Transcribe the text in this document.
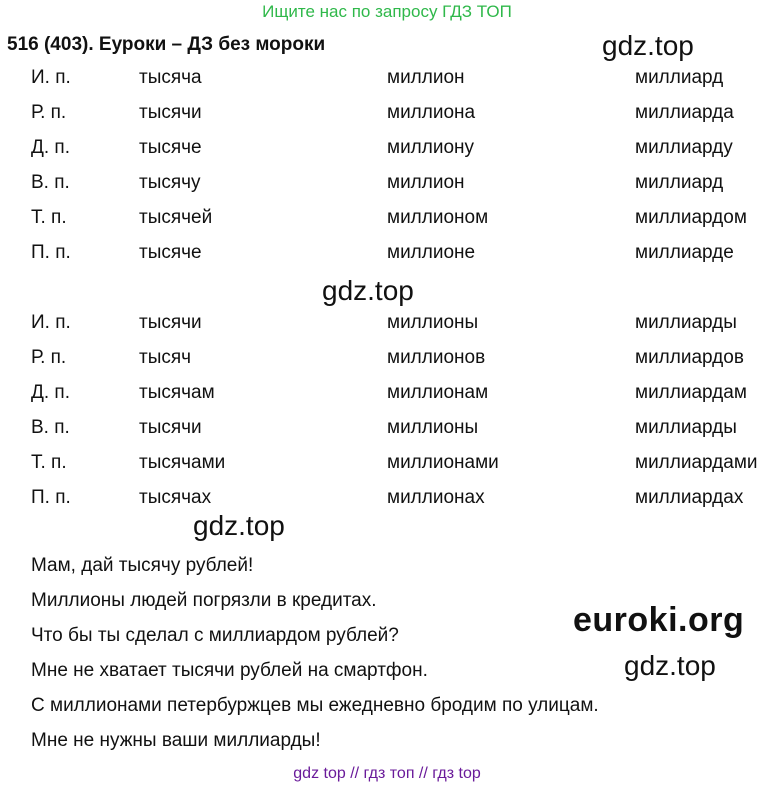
Ищите нас по запросу ГДЗ ТОП
516 (403). Еуроки – ДЗ без мороки	gdz.top
gdz.top
gdz.top
gdz.top
И. п.	тысяча	миллион	миллиард
Р. п.	тысячи	миллиона	миллиарда
Д. п.	тысяче	миллиону	миллиарду
В. п.	тысячу	миллион	миллиард
Т. п.	тысячей	миллионом	миллиардом
П. п.	тысяче	миллионе	миллиарде
И. п.	тысячи	миллионы	миллиарды
Р. п.	тысяч	миллионов	миллиардов
Д. п.	тысячам	миллионам	миллиардам
В. п.	тысячи	миллионы	миллиарды
Т. п.	тысячами	миллионами	миллиардами
П. п.	тысячах	миллионах	миллиардах
Мам, дай тысячу рублей!
Миллионы людей погрязли в кредитах.
Что бы ты сделал с миллиардом рублей?
Мне не хватает тысячи рублей на смартфон.
С миллионами петербуржцев мы ежедневно бродим по улицам.
Мне не нужны ваши миллиарды!
euroki.org
gdz top // гдз топ // гдз top
